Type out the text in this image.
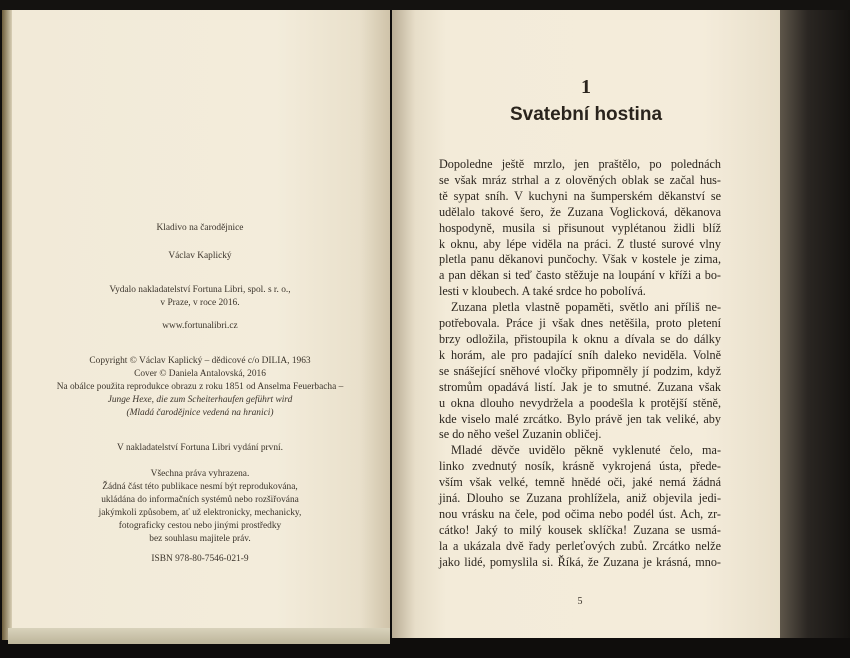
Kladivo na čarodějnice

Václav Kaplický

Vydalo nakladatelství Fortuna Libri, spol. s r. o.,

v Praze, v roce 2016.

www.fortunalibri.cz

Copyright © Václav Kaplický – dědicové c/o DILIA, 1963

Cover © Daniela Antalovská, 2016

Na obálce použita reprodukce obrazu z roku 1851 od Anselma Feuerbacha –

Junge Hexe, die zum Scheiterhaufen geführt wird

(Mladá čarodějnice vedená na hranici)

V nakladatelství Fortuna Libri vydání první.

Všechna práva vyhrazena.

Žádná část této publikace nesmí být reprodukována,

ukládána do informačních systémů nebo rozšiřována

jakýmkoli způsobem, ať už elektronicky, mechanicky,

fotograficky cestou nebo jinými prostředky

bez souhlasu majitele práv.

ISBN 978-80-7546-021-9

1
Svatební hostina
Dopoledne ještě mrzlo, jen praštělo, po polednách
se však mráz strhal a z olověných oblak se začal hus-
tě sypat sníh. V kuchyni na šumperském děkanství se
udělalo takové šero, že Zuzana Voglicková, děkanova
hospodyně, musila si přisunout vyplétanou židli blíž
k oknu, aby lépe viděla na práci. Z tlusté surové vlny
pletla panu děkanovi punčochy. Však v kostele je zima,
a pan děkan si teď často stěžuje na loupání v kříži a bo-
lesti v kloubech. A také srdce ho pobolívá.
Zuzana pletla vlastně popaměti, světlo ani příliš ne-
potřebovala. Práce ji však dnes netěšila, proto pletení
brzy odložila, přistoupila k oknu a dívala se do dálky
k horám, ale pro padající sníh daleko neviděla. Volně
se snášející sněhové vločky připomněly jí podzim, když
stromům opadává listí. Jak je to smutné. Zuzana však
u okna dlouho nevydržela a poodešla k protější stěně,
kde viselo malé zrcátko. Bylo právě jen tak veliké, aby
se do něho vešel Zuzanin obličej.
Mladé děvče uvidělo pěkně vyklenuté čelo, ma-
linko zvednutý nosík, krásně vykrojená ústa, přede-
vším však velké, temně hnědé oči, jaké nemá žádná
jiná. Dlouho se Zuzana prohlížela, aniž objevila jedi-
nou vrásku na čele, pod očima nebo podél úst. Ach, zr-
cátko! Jaký to milý kousek sklíčka! Zuzana se usmá-
la a ukázala dvě řady perleťových zubů. Zrcátko nelže
jako lidé, pomyslila si. Říká, že Zuzana je krásná, mno-
5
